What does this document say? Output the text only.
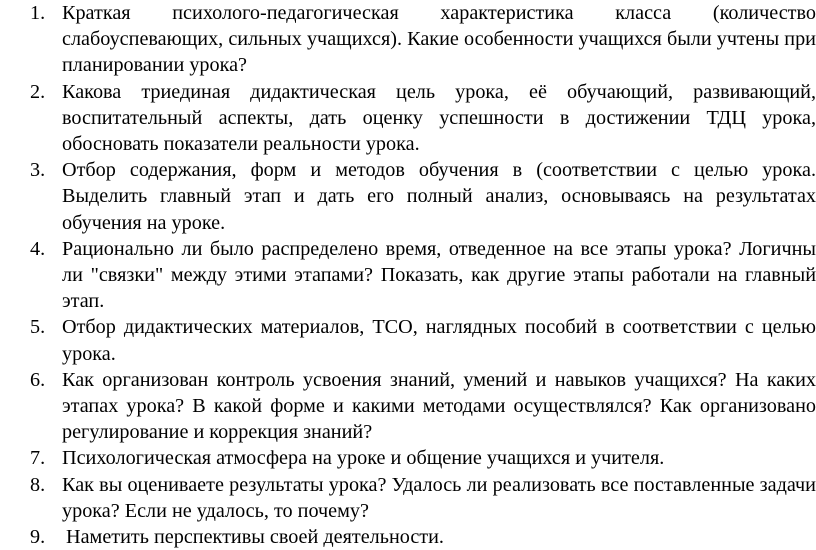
1. Краткая психолого-педагогическая характеристика класса (количество слабоуспевающих, сильных учащихся). Какие особенности учащихся были учтены при планировании урока?
2. Какова триединая дидактическая цель урока, её обучающий, развивающий, воспитательный аспекты, дать оценку успешности в достижении ТДЦ урока, обосновать показатели реальности урока.
3. Отбор содержания, форм и методов обучения в (соответствии с целью урока. Выделить главный этап и дать его полный анализ, основываясь на результатах обучения на уроке.
4. Рационально ли было распределено время, отведенное на все этапы урока? Логичны ли "связки" между этими этапами? Показать, как другие этапы работали на главный этап.
5. Отбор дидактических материалов, ТСО, наглядных пособий в соответствии с целью урока.
6. Как организован контроль усвоения знаний, умений и навыков учащихся? На каких этапах урока? В какой форме и какими методами осуществлялся? Как организовано регулирование и коррекция знаний?
7. Психологическая атмосфера на уроке и общение учащихся и учителя.
8. Как вы оцениваете результаты урока? Удалось ли реализовать все поставленные задачи урока? Если не удалось, то почему?
9.	Наметить перспективы своей деятельности.
